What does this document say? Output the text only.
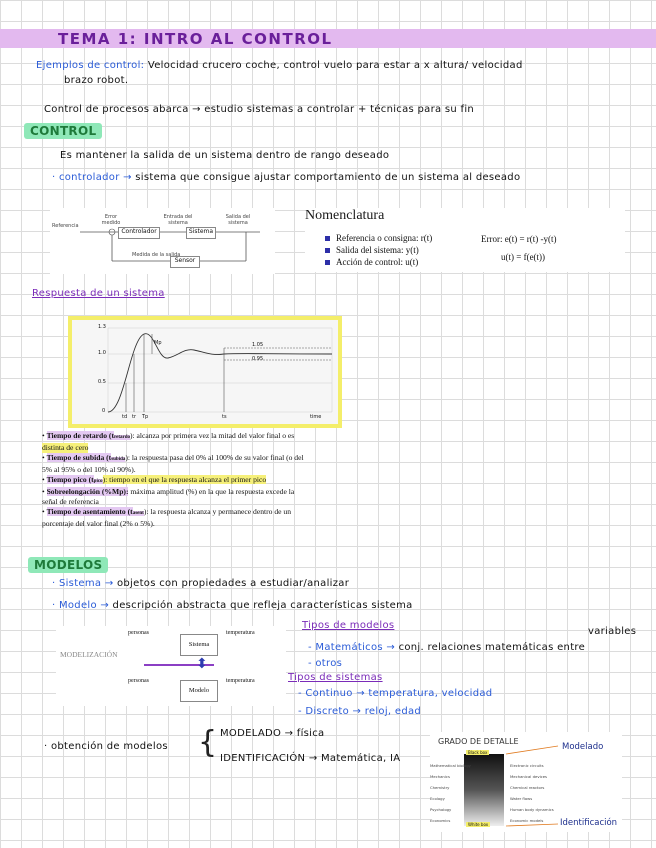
TEMA 1: INTRO AL CONTROL
Ejemplos de control: Velocidad crucero coche, control vuelo para estar a x altura/ velocidad
brazo robot.
Control de procesos abarca → estudio sistemas a controlar + técnicas para su fin
CONTROL
Es mantener la salida de un sistema dentro de rango deseado
· controlador → sistema que consigue ajustar comportamiento de un sistema al deseado
Controlador	Sistema
Sensor
Referencia
Error medido
Entrada del sistema
Salida del sistema
Medida de la salida
Nomenclatura
Referencia o consigna: r(t)
Salida del sistema: y(t)
Acción de control: u(t)
Error: e(t) = r(t) -y(t)
u(t) = f(e(t))
Respuesta de un sistema
1.3
1.0
0.5
0
td tr Tp	ts	time
Mp	1.05
0.95
• Tiempo de retardo (tretardo): alcanza por primera vez la mitad del valor final o es
distinta de cero
• Tiempo de subida (tsubida): la respuesta pasa del 0% al 100% de su valor final (o del
5% al 95% o del 10% al 90%).
• Tiempo pico (tpico): tiempo en el que la respuesta alcanza el primer pico
• Sobreelongación (%Mp): máxima amplitud (%) en la que la respuesta excede la
señal de referencia
• Tiempo de asentamiento (tasent): la respuesta alcanza y permanece dentro de un
porcentaje del valor final (2% o 5%).
MODELOS
· Sistema → objetos con propiedades a estudiar/analizar
· Modelo → descripción abstracta que refleja características sistema
MODELIZACIÓN
personas	temperatura
Sistema
⬍
personas	temperatura
Modelo
Tipos de modelos
variables
- Matemáticos → conj. relaciones matemáticas entre
- otros
Tipos de sistemas
- Continuo → temperatura, velocidad
- Discreto → reloj, edad
· obtención de modelos { MODELADO → física
IDENTIFICACIÓN → Matemática, IA
GRADO DE DETALLE
Black box
White box
Mathematical biology
Mechanics
Chemistry
Ecology
Psychology
Economics
Electronic circuits
Mechanical devices
Chemical reactors
Water flows
Human body dynamics
Economic models
Modelado
Identificación
